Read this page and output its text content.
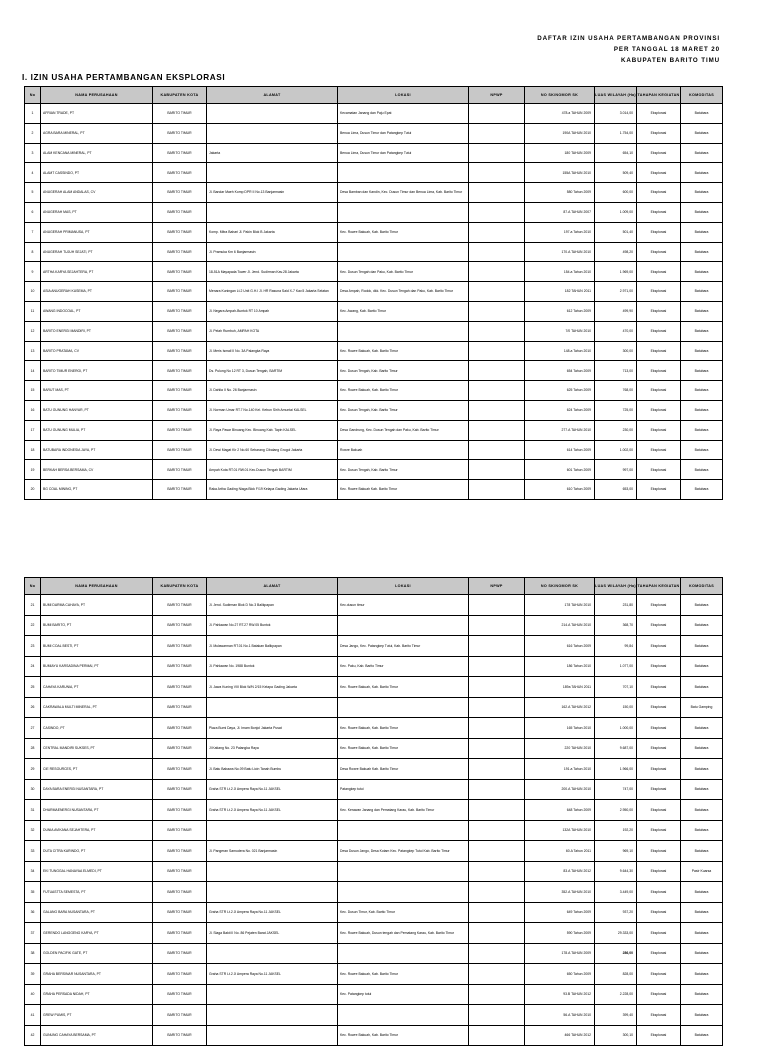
DAFTAR IZIN USAHA PERTAMBANGAN PROVINSI
PER TANGGAL 18 MARET 20
KABUPATEN BARITO TIMU
I. IZIN USAHA PERTAMBANGAN EKSPLORASI
No	NAMA PERUSAHAAN	KABUPATEN KOTA	ALAMAT	LOKASI	NPWP	NO SK/NOMOR SK	LUAS WILAYAH (Ha)	TAHAPAN KEGIATAN	KOMODITAS
1	AFRIAN TRADE, PT	BARITO TIMUR		Kecamatan Janang dan Paju Epat		478.a TAHUN 2009	3.014,00	Eksplorasi	Batubara
2	AGRA BARA MINERAL, PT	BARITO TIMUR		Benua Lima, Dusun Timur dan Patangkep Tutui		190A TAHUN 2010	1.754,00	Eksplorasi	Batubara
3	ALAM KENCANA MINERAL, PT	BARITO TIMUR	Jakarta	Benua Lima, Dusun Timur dan Patangkep Tutui		180 TAHUN 2009	654,10	Eksplorasi	Batubara
4	ALAMT CASSINDO, PT	BARITO TIMUR				155A TAHUN 2010	509,40	Eksplorasi	Batubara
5	ANUGERAH ALAM ANDALAS, CV	BARITO TIMUR	Jl. Bandar Maeh Komp DPR II No.13 Banjarmasin	Desa Bamban dan Kandin, Kec. Dusun Timur dan Benua Lima, Kab. Barito Timur		580 Tahun 2009	600,00	Eksplorasi	Batubara
6	ANUGERAH MAS, PT	BARITO TIMUR				87.A TAHUN 2007	1.009,00	Eksplorasi	Batubara
7	ANUGERAH PRIMANUSA, PT	BARITO TIMUR	Komp. Mitra Bahari Jl. Pakin Blok B Jakarta	Kec. Rowre Bakuah, Kab. Barito Timur		197.a Tahun 2010	501,40	Eksplorasi	Batubara
8	ANUGERAH TUJUH SEJATI, PT	BARITO TIMUR	Jl. Pramuka Km 6 Banjarmasin			170.A TAHUN 2010	498,20	Eksplorasi	Batubara
9	ARTHA KARYA SEJAHTERA, PT	BARITO TIMUR	18-51A Mayapada Tower Jl. Jend. Sudirman Kav.28 Jakarta	Kec. Dusun Tengah dan Paku, Kab. Barito Timur		154.a Tahun 2010	1.969,00	Eksplorasi	Batubara
10	ASIA ANUGERAH KUSEMA, PT	BARITO TIMUR	Menara Kuningan Lt.2 Unit G.H.I Jl. HR Rasuna Said X-7 Kav.5 Jakarta Selatan	Desa Ampah, Rodok, dkk. Kec. Dusun Tengah dan Paku, Kab. Barito Timur		182 TAHUN 2011	2.971,00	Eksplorasi	Batubara
11	AWANG INDOCOAL, PT	BARITO TIMUR	Jl. Negara Ampah-Buntok RT 10 Ampah	Kec. Awang, Kab. Barito Timur		612 Tahun 2009	499,90	Eksplorasi	Batubara
12	BARITO ENERGI MANDIRI, PT	BARITO TIMUR	Jl. Pelah Rumbuh, AMPAH KOTA			7/0 TAHUN 2010	470,00	Eksplorasi	Batubara
13	BARITO PRATAMA, CV	BARITO TIMUR	Jl. Meris Ismail II No. 3A Palangka Raya	Kec. Rowre Bakuah, Kab. Barito Timur		148.a Tahun 2010	300,00	Eksplorasi	Batubara
14	BARITO TIMUR ENERGI, PT	BARITO TIMUR	Ds. Pulung No 12 RT 3, Dusun Tengah, BARTIM	Kec. Dusun Tengah, Kab. Barito Timur		654 Tahun 2009	713,00	Eksplorasi	Batubara
15	BARUT MAS, PT	BARITO TIMUR	Jl. Dahlia II No. 26 Banjarmasin	Kec. Rowre Bakuah, Kab. Barito Timur		625 Tahun 2009	768,00	Eksplorasi	Batubara
16	BATU GUNUNG HANYAR, PT	BARITO TIMUR	Jl. Norman Umar RT.7 No.140 Kel. Kebun Sirih Amuntai KALSEL	Kec. Dusun Tengah, Kab. Barito Timur		624 Tahun 2009	725,00	Eksplorasi	Batubara
17	BATU GUNUNG MULIA, PT	BARITO TIMUR	Jl. Raya Pasar Binuang Kec. Binuang Kab. Tapin KALSEL	Desa Gandrung, Kec. Dusun Tengah dan Paku, Kab. Barito Timur		277.A TAHUN 2010	230,00	Eksplorasi	Batubara
18	BATUBARA INDONESIA JAYA, PT	BARITO TIMUR	Jl. Dewi Magat Kir 2 No.60 Sebarang Cibalang Grogol Jakarta	Rowre Bakuah		614 Tahun 2009	1.002,00	Eksplorasi	Batubara
19	BERKAH BERSA BERSAMA, CV	BARITO TIMUR	Ampah Kota RT.01 RW.01 Kec.Dusun Tengah BARTIM	Kec. Dusun Tengah, Kab. Barito Timur		601 Tahun 2009	997,00	Eksplorasi	Batubara
20	BG COAL MINING, PT	BARITO TIMUR	Raka Artha Gading Niaga Blok F/19 Kelapa Gading Jakarta Utara	Kec. Rowre Bakuah Kab. Barito Timur		610 Tahun 2009	653,00	Eksplorasi	Batubara
No	NAMA PERUSAHAAN	KABUPATEN KOTA	ALAMAT	LOKASI	NPWP	NO SK/NOMOR SK	LUAS WILAYAH (Ha)	TAHAPAN KEGIATAN	KOMODITAS
21	BUMI DARMA CAHAYA, PT	BARITO TIMUR	Jl. Jend. Sudirman Blok D No.3 Balikpapan	Kec.dusun timur		178 TAHUN 2010	231,80	Eksplorasi	Batubara
22	BUMI BARITO, PT	BARITO TIMUR	Jl. Pahlawan No.27 RT.27 RW.05 Buntok			214.A TAHUN 2010	368,70	Eksplorasi	Batubara
23	BUMI COAL BESTI, PT	BARITO TIMUR	Jl. Mulawarman RT.01 No.1 Batakan Balikpapan	Desa Jango, Kec. Patangkep Tutui, Kab. Barito Timur		616 Tahun 2009	99,84	Eksplorasi	Batubara
24	BUMIAYU KARSADINA PERMAI, PT	BARITO TIMUR	Jl. Pahlawan No. 1988 Buntok	Kec. Paku, Kab. Barito Timur		186 Tahun 2010	1.077,00	Eksplorasi	Batubara
25	CAHAYA KARUNIA, PT	BARITO TIMUR	Jl. Jawa Kuning VIII Blok W/N 2/15 Kelapa Gading Jakarta	Kec. Rowre Bakuah, Kab. Barito Timur		189a TAHUN 2011	707,10	Eksplorasi	Batubara
26	CAKRAWALA MULTI MINERAL, PT	BARITO TIMUR				162.A TAHUN 2012	150,00	Eksplorasi	Batu Gamping
27	CASINDO, PT	BARITO TIMUR	Plaza Bumi Daya, Jl. Imam Bonjol Jakarta Pusat	Kec. Rowre Bakuah, Kab. Barito Timur		165 Tahun 2010	1.000,00	Eksplorasi	Batubara
28	CENTRAL MANDIRI SUKSES, PT	BARITO TIMUR	Jl Katiang No. 23 Palangka Raya	Kec. Rowre Bakuah, Kab. Barito Timur		220 TAHUN 2010	9.687,00	Eksplorasi	Batubara
29	CIE RESOURCES, PT	BARITO TIMUR	Jl. Batu Babawa No.09 Batu Licin Tanah Bumbu	Desa Rowre Bakuah Kab. Barito Timur		191.a Tahun 2010	1.966,00	Eksplorasi	Batubara
30	DAYA BARA ENERGI NUSANTARA, PT	BARITO TIMUR	Graha STR Lt.2 Jl Ampera Raya No.11 JAKSEL	Patangkep tutui		200.A TAHUN 2010	747,00	Eksplorasi	Batubara
31	DHARMAENERGI NUSANTARA, PT	BARITO TIMUR	Graha STR Lt.2 Jl Ampera Raya No.11 JAKSEL	Kec. Kerawan Janang dan Pematang Karau, Kab. Barito Timur		648 Tahun 2009	2.950,00	Eksplorasi	Batubara
32	DUNIA AVIKANA SEJAHTERA, PT	BARITO TIMUR				132A TAHUN 2010	192,20	Eksplorasi	Batubara
33	DUTA CITRA KARINDO, PT	BARITO TIMUR	Jl. Pangeran Samudera No. 021 Banjarmasin	Desa Dusun Jango, Desa Kotam Kec. Patangkep Tutui Kab. Barito Timur		60.A Tahun 2011	969,10	Eksplorasi	Batubara
34	EKI TUNGGAL HANAYAA ELMEDI, PT	BARITO TIMUR				83.A TAHUN 2012	9.644,30	Eksplorasi	Pasir Kuarsa
35	FUTUASTTA SEMESTA, PT	BARITO TIMUR				352.A TAHUN 2010	3.449,00	Eksplorasi	Batubara
36	GALANG BARA NUSANTARA, PT	BARITO TIMUR	Graha STR Lt.2 Jl Ampera Raya No.11 JAKSEL	Kec. Dusun Timur, Kab. Barito Timur		649 Tahun 2009	937,20	Eksplorasi	Batubara
37	GERENDO LANGGENG KARYA, PT	BARITO TIMUR	Jl. Siaga Bakti II No. 86 Pejaten Barat JAKSEL	Kec. Rowre Bakuah, Dusun tengah dan Pematang Karau, Kab. Barito Timur		590 Tahun 2009	29.333,00	Eksplorasi	Batubara
38	GOLDEN PACIFIK GATE, PT	BARITO TIMUR				178.A TAHUN 2009	286,00	Eksplorasi	Batubara
39	GRAHA BERSINAR NUSANTARA, PT	BARITO TIMUR	Graha STR Lt.2 Jl Ampera Raya No.11 JAKSEL	Kec. Rowre Bakuah, Kab. Barito Timur		650 Tahun 2009	828,00	Eksplorasi	Batubara
40	GRAHA PERSADA NIDAH, PT	BARITO TIMUR		Kec. Patangkep tutui		93.B TAHUN 2012	2.228,00	Eksplorasi	Batubara
41	GREW PUMIS, PT	BARITO TIMUR				56.A TAHUN 2010	399,40	Eksplorasi	Batubara
42	GUNUNG CAHAYA BERSAMA, PT	BARITO TIMUR		Kec. Rowre Bakuah, Kab. Barito Timur		466 TAHUN 2012	300,10	Eksplorasi	Batubara
